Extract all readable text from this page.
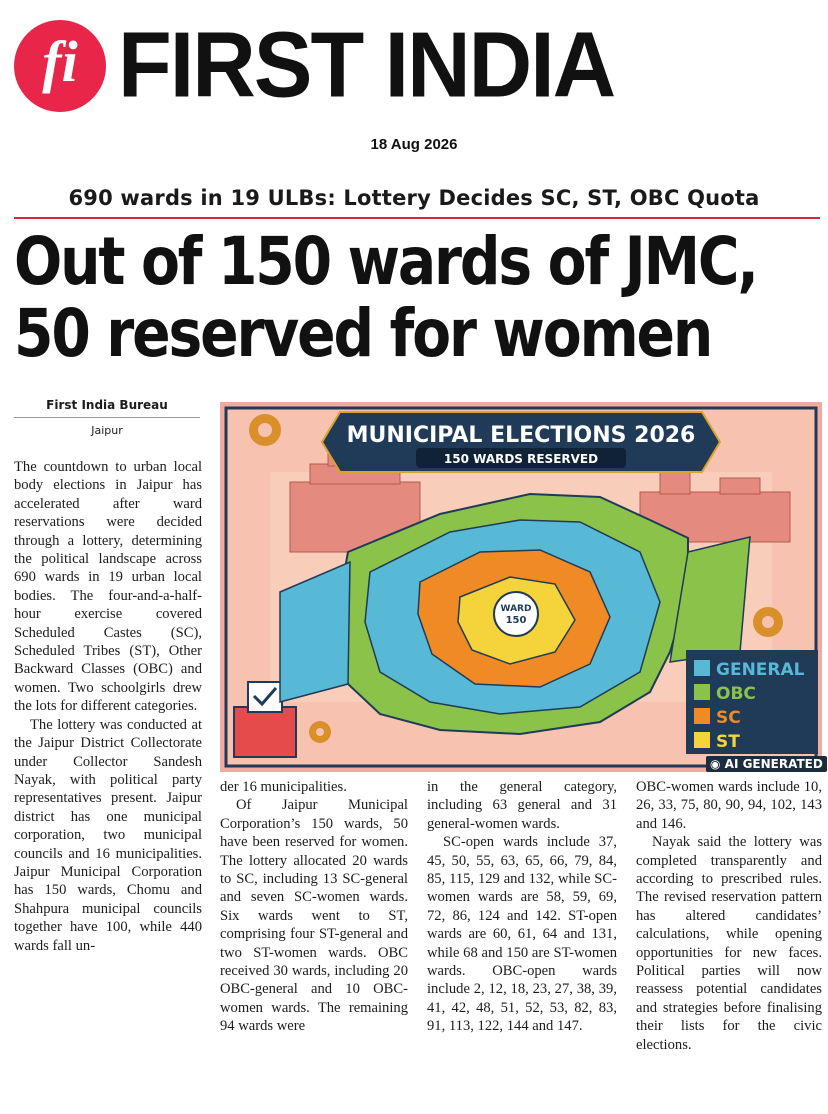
fi FIRST INDIA
18 Aug 2026
690 wards in 19 ULBs: Lottery Decides SC, ST, OBC Quota
Out of 150 wards of JMC,
50 reserved for women
First India Bureau
Jaipur

The countdown to urban local body elections in Jaipur has accelerated after ward reservations were decided through a lottery, determining the political landscape across 690 wards in 19 urban local bodies. The four-and-a-half-hour exercise covered Scheduled Castes (SC), Scheduled Tribes (ST), Other Backward Classes (OBC) and women. Two schoolgirls drew the lots for different categories.

The lottery was conducted at the Jaipur District Collectorate under Collector Sandesh Nayak, with political party representatives present. Jaipur district has one municipal corporation, two municipal councils and 16 municipalities. Jaipur Municipal Corporation has 150 wards, Chomu and Shahpura municipal councils together have 100, while 440 wards fall un-

der 16 municipalities.

Of Jaipur Municipal Corporation’s 150 wards, 50 have been reserved for women. The lottery allocated 20 wards to SC, including 13 SC-general and seven SC-women wards. Six wards went to ST, comprising four ST-general and two ST-women wards. OBC received 30 wards, including 20 OBC-general and 10 OBC-women wards. The remaining 94 wards were

in the general category, including 63 general and 31 general-women wards.

SC-open wards include 37, 45, 50, 55, 63, 65, 66, 79, 84, 85, 115, 129 and 132, while SC-women wards are 58, 59, 69, 72, 86, 124 and 142. ST-open wards are 60, 61, 64 and 131, while 68 and 150 are ST-women wards. OBC-open wards include 2, 12, 18, 23, 27, 38, 39, 41, 42, 48, 51, 52, 53, 82, 83, 91, 113, 122, 144 and 147.

OBC-women wards include 10, 26, 33, 75, 80, 90, 94, 102, 143 and 146.

Nayak said the lottery was completed transparently and according to prescribed rules. The revised reservation pattern has altered candidates’ calculations, while opening opportunities for new faces. Political parties will now reassess potential candidates and strategies before finalising their lists for the civic elections.

MUNICIPAL ELECTIONS 2026
150 WARDS RESERVED
WARD
150
GENERAL
OBC
SC
ST
◉ AI GENERATED
